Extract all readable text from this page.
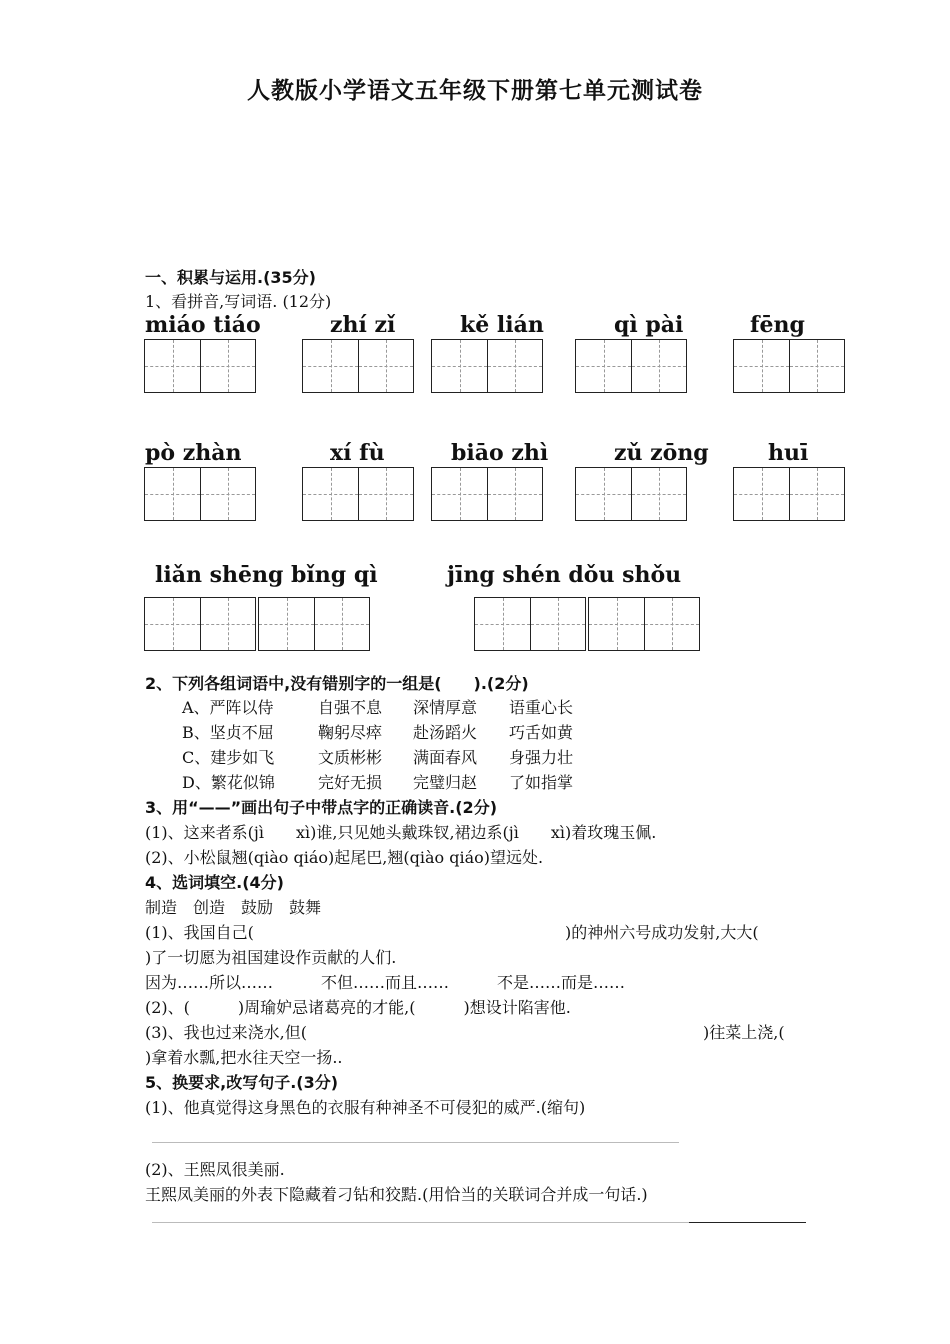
人教版小学语文五年级下册第七单元测试卷
一、积累与运用.(35分)
1、看拼音,写词语. (12分)
miáo tiáo	zhí zǐ	kě lián	qì pài	fēng
pò zhàn	xí fù	biāo zhì	zǔ zōng	huī
liǎn shēng bǐng qì	jīng shén dǒu shǒu
2、下列各组词语中,没有错别字的一组是(　　).(2分)
A、严阵以侍	自强不息 深情厚意 语重心长
B、坚贞不屈	鞠躬尽瘁 赴汤蹈火 巧舌如黄
C、建步如飞	文质彬彬 满面春风 身强力壮
D、繁花似锦	完好无损 完璧归赵 了如指掌
3、用“——”画出句子中带点字的正确读音.(2分)
(1)、这来者系(jì　　xì)谁,只见她头戴珠钗,裙边系(jì　　xì)着玫瑰玉佩.
(2)、小松鼠翘(qiào qiáo)起尾巴,翘(qiào qiáo)望远处.
4、选词填空.(4分)
制造　创造　鼓励　鼓舞
(1)、我国自己(	)的神州六号成功发射,大大(
)了一切愿为祖国建设作贡献的人们.
因为……所以……　　　不但……而且……　　　不是……而是……
(2)、(　　　)周瑜妒忌诸葛亮的才能,(　　　)想设计陷害他.
(3)、我也过来浇水,但(	)往菜上浇,(
)拿着水瓢,把水往天空一扬..
5、换要求,改写句子.(3分)
(1)、他真觉得这身黑色的衣服有种神圣不可侵犯的威严.(缩句)
(2)、王熙凤很美丽.
王熙凤美丽的外表下隐藏着刁钻和狡黠.(用恰当的关联词合并成一句话.)
